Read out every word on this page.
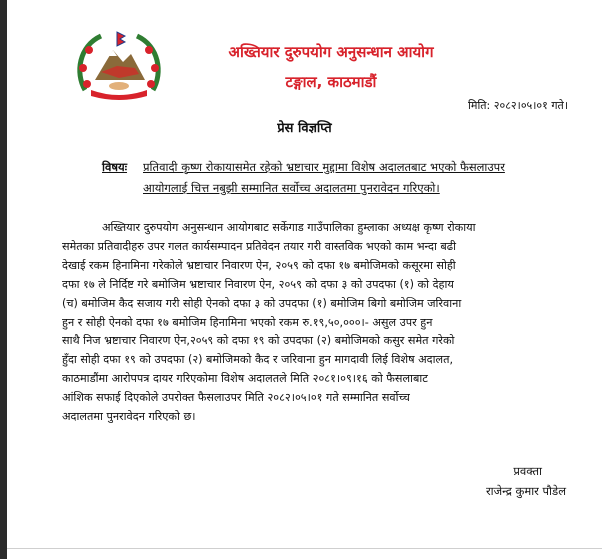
अख्तियार दुरुपयोग अनुसन्धान आयोग
टङ्गाल, काठमाडौं
मिति: २०८२।०५।०१ गते।
प्रेस विज्ञप्ति
विषयः प्रतिवादी कृष्ण रोकायासमेत रहेको भ्रष्टाचार मुद्दामा विशेष अदालतबाट भएको फैसलाउपर
आयोगलाई चित्त नबुझी सम्मानित सर्वोच्च अदालतमा पुनरावेदन गरिएको।
अख्तियार दुरुपयोग अनुसन्धान आयोगबाट सर्केगाड गाउँपालिका हुम्लाका अध्यक्ष कृष्ण रोकाया
समेतका प्रतिवादीहरु उपर गलत कार्यसम्पादन प्रतिवेदन तयार गरी वास्तविक भएको काम भन्दा बढी
देखाई रकम हिनामिना गरेकोले भ्रष्टाचार निवारण ऐन, २०५९ को दफा १७ बमोजिमको कसूरमा सोही
दफा १७ ले निर्दिष्ट गरे बमोजिम भ्रष्टाचार निवारण ऐन, २०५९ को दफा ३ को उपदफा (१) को देहाय
(च) बमोजिम कैद सजाय गरी सोही ऐनको दफा ३ को उपदफा (१) बमोजिम बिगो बमोजिम जरिवाना
हुन र सोही ऐनको दफा १७ बमोजिम हिनामिना भएको रकम रु.१९,५०,०००।- असुल उपर हुन
साथै निज भ्रष्टाचार निवारण ऐन,२०५९ को दफा १९ को उपदफा (२) बमोजिमको कसुर समेत गरेको
हुँदा सोही दफा १९ को उपदफा (२) बमोजिमको कैद र जरिवाना हुन मागदावी लिई विशेष अदालत,
काठमाडौंमा आरोपपत्र दायर गरिएकोमा विशेष अदालतले मिति २०८१।०९।१६ को फैसलाबाट
आंशिक सफाई दिएकोले उपरोक्त फैसलाउपर मिति २०८२।०५।०१ गते सम्मानित सर्वोच्च
अदालतमा पुनरावेदन गरिएको छ।
प्रवक्ता
राजेन्द्र कुमार पौडेल
